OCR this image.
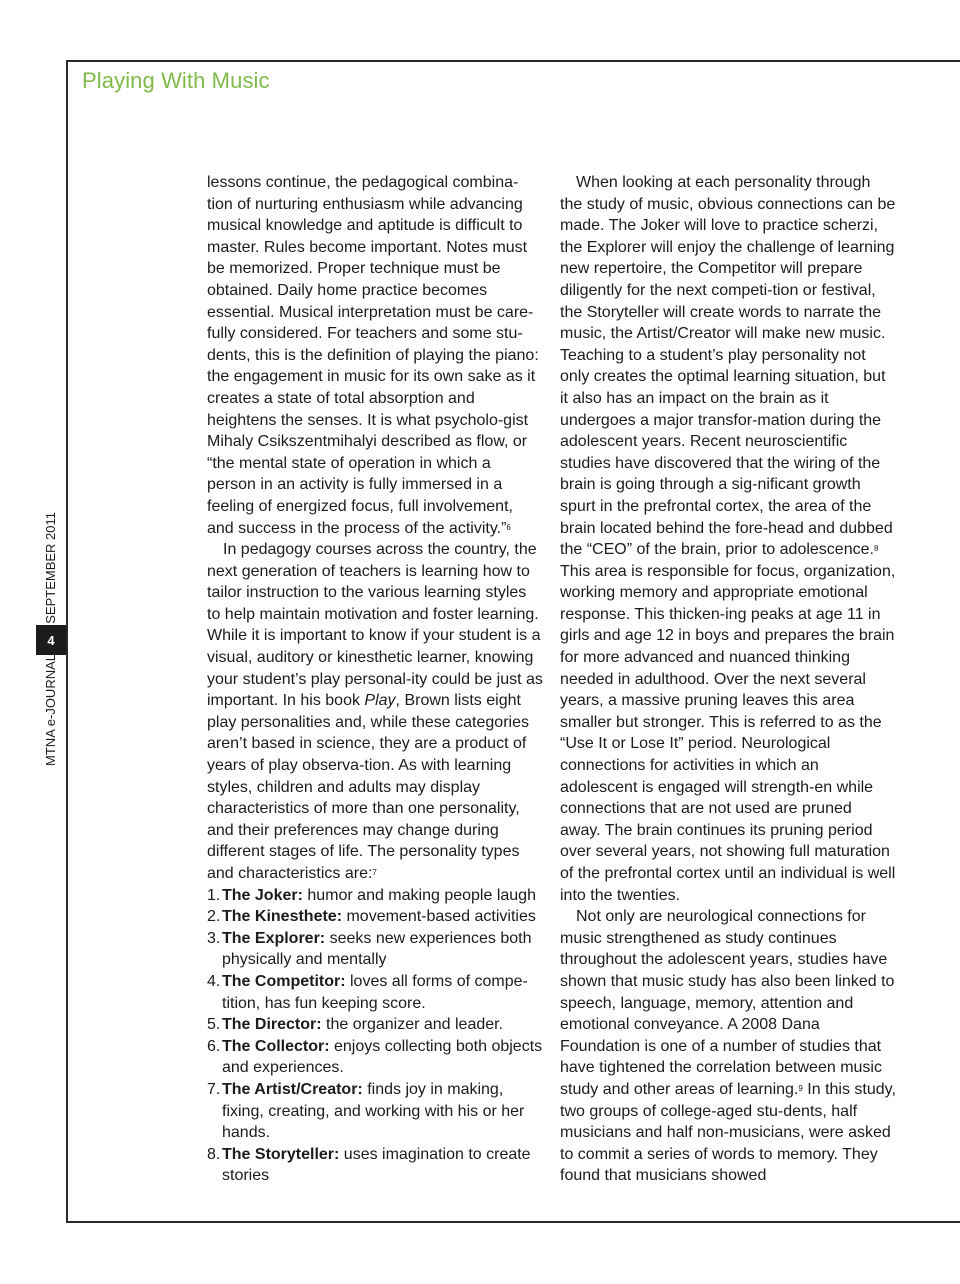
Playing With Music
SEPTEMBER 2011
4
MTNA e-JOURNAL

lessons continue, the pedagogical combina-tion of nurturing enthusiasm while advancing musical knowledge and aptitude is difficult to master. Rules become important. Notes must be memorized. Proper technique must be obtained. Daily home practice becomes essential. Musical interpretation must be care-fully considered. For teachers and some stu-dents, this is the definition of playing the piano: the engagement in music for its own sake as it creates a state of total absorption and heightens the senses. It is what psycholo-gist Mihaly Csikszentmihalyi described as flow, or “the mental state of operation in which a person in an activity is fully immersed in a feeling of energized focus, full involvement, and success in the process of the activity.”$^6$

In pedagogy courses across the country, the next generation of teachers is learning how to tailor instruction to the various learning styles to help maintain motivation and foster learning. While it is important to know if your student is a visual, auditory or kinesthetic learner, knowing your student’s play personal-ity could be just as important. In his book Play, Brown lists eight play personalities and, while these categories aren’t based in science, they are a product of years of play observa-tion. As with learning styles, children and adults may display characteristics of more than one personality, and their preferences may change during different stages of life. The personality types and characteristics are:$^7$

1. The Joker: humor and making people laugh
2. The Kinesthete: movement-based activities
3. The Explorer: seeks new experiences both physically and mentally
4. The Competitor: loves all forms of compe-tition, has fun keeping score.
5. The Director: the organizer and leader.
6. The Collector: enjoys collecting both objects and experiences.
7. The Artist/Creator: finds joy in making, fixing, creating, and working with his or her hands.
8. The Storyteller: uses imagination to create stories

When looking at each personality through the study of music, obvious connections can be made. The Joker will love to practice scherzi, the Explorer will enjoy the challenge of learning new repertoire, the Competitor will prepare diligently for the next competi-tion or festival, the Storyteller will create words to narrate the music, the Artist/Creator will make new music. Teaching to a student’s play personality not only creates the optimal learning situation, but it also has an impact on the brain as it undergoes a major transfor-mation during the adolescent years. Recent neuroscientific studies have discovered that the wiring of the brain is going through a sig-nificant growth spurt in the prefrontal cortex, the area of the brain located behind the fore-head and dubbed the “CEO” of the brain, prior to adolescence.$^8$ This area is responsible for focus, organization, working memory and appropriate emotional response. This thicken-ing peaks at age 11 in girls and age 12 in boys and prepares the brain for more advanced and nuanced thinking needed in adulthood. Over the next several years, a massive pruning leaves this area smaller but stronger. This is referred to as the “Use It or Lose It” period. Neurological connections for activities in which an adolescent is engaged will strength-en while connections that are not used are pruned away. The brain continues its pruning period over several years, not showing full maturation of the prefrontal cortex until an individual is well into the twenties.

Not only are neurological connections for music strengthened as study continues throughout the adolescent years, studies have shown that music study has also been linked to speech, language, memory, attention and emotional conveyance. A 2008 Dana Foundation is one of a number of studies that have tightened the correlation between music study and other areas of learning.$^9$ In this study, two groups of college-aged stu-dents, half musicians and half non-musicians, were asked to commit a series of words to memory. They found that musicians showed
